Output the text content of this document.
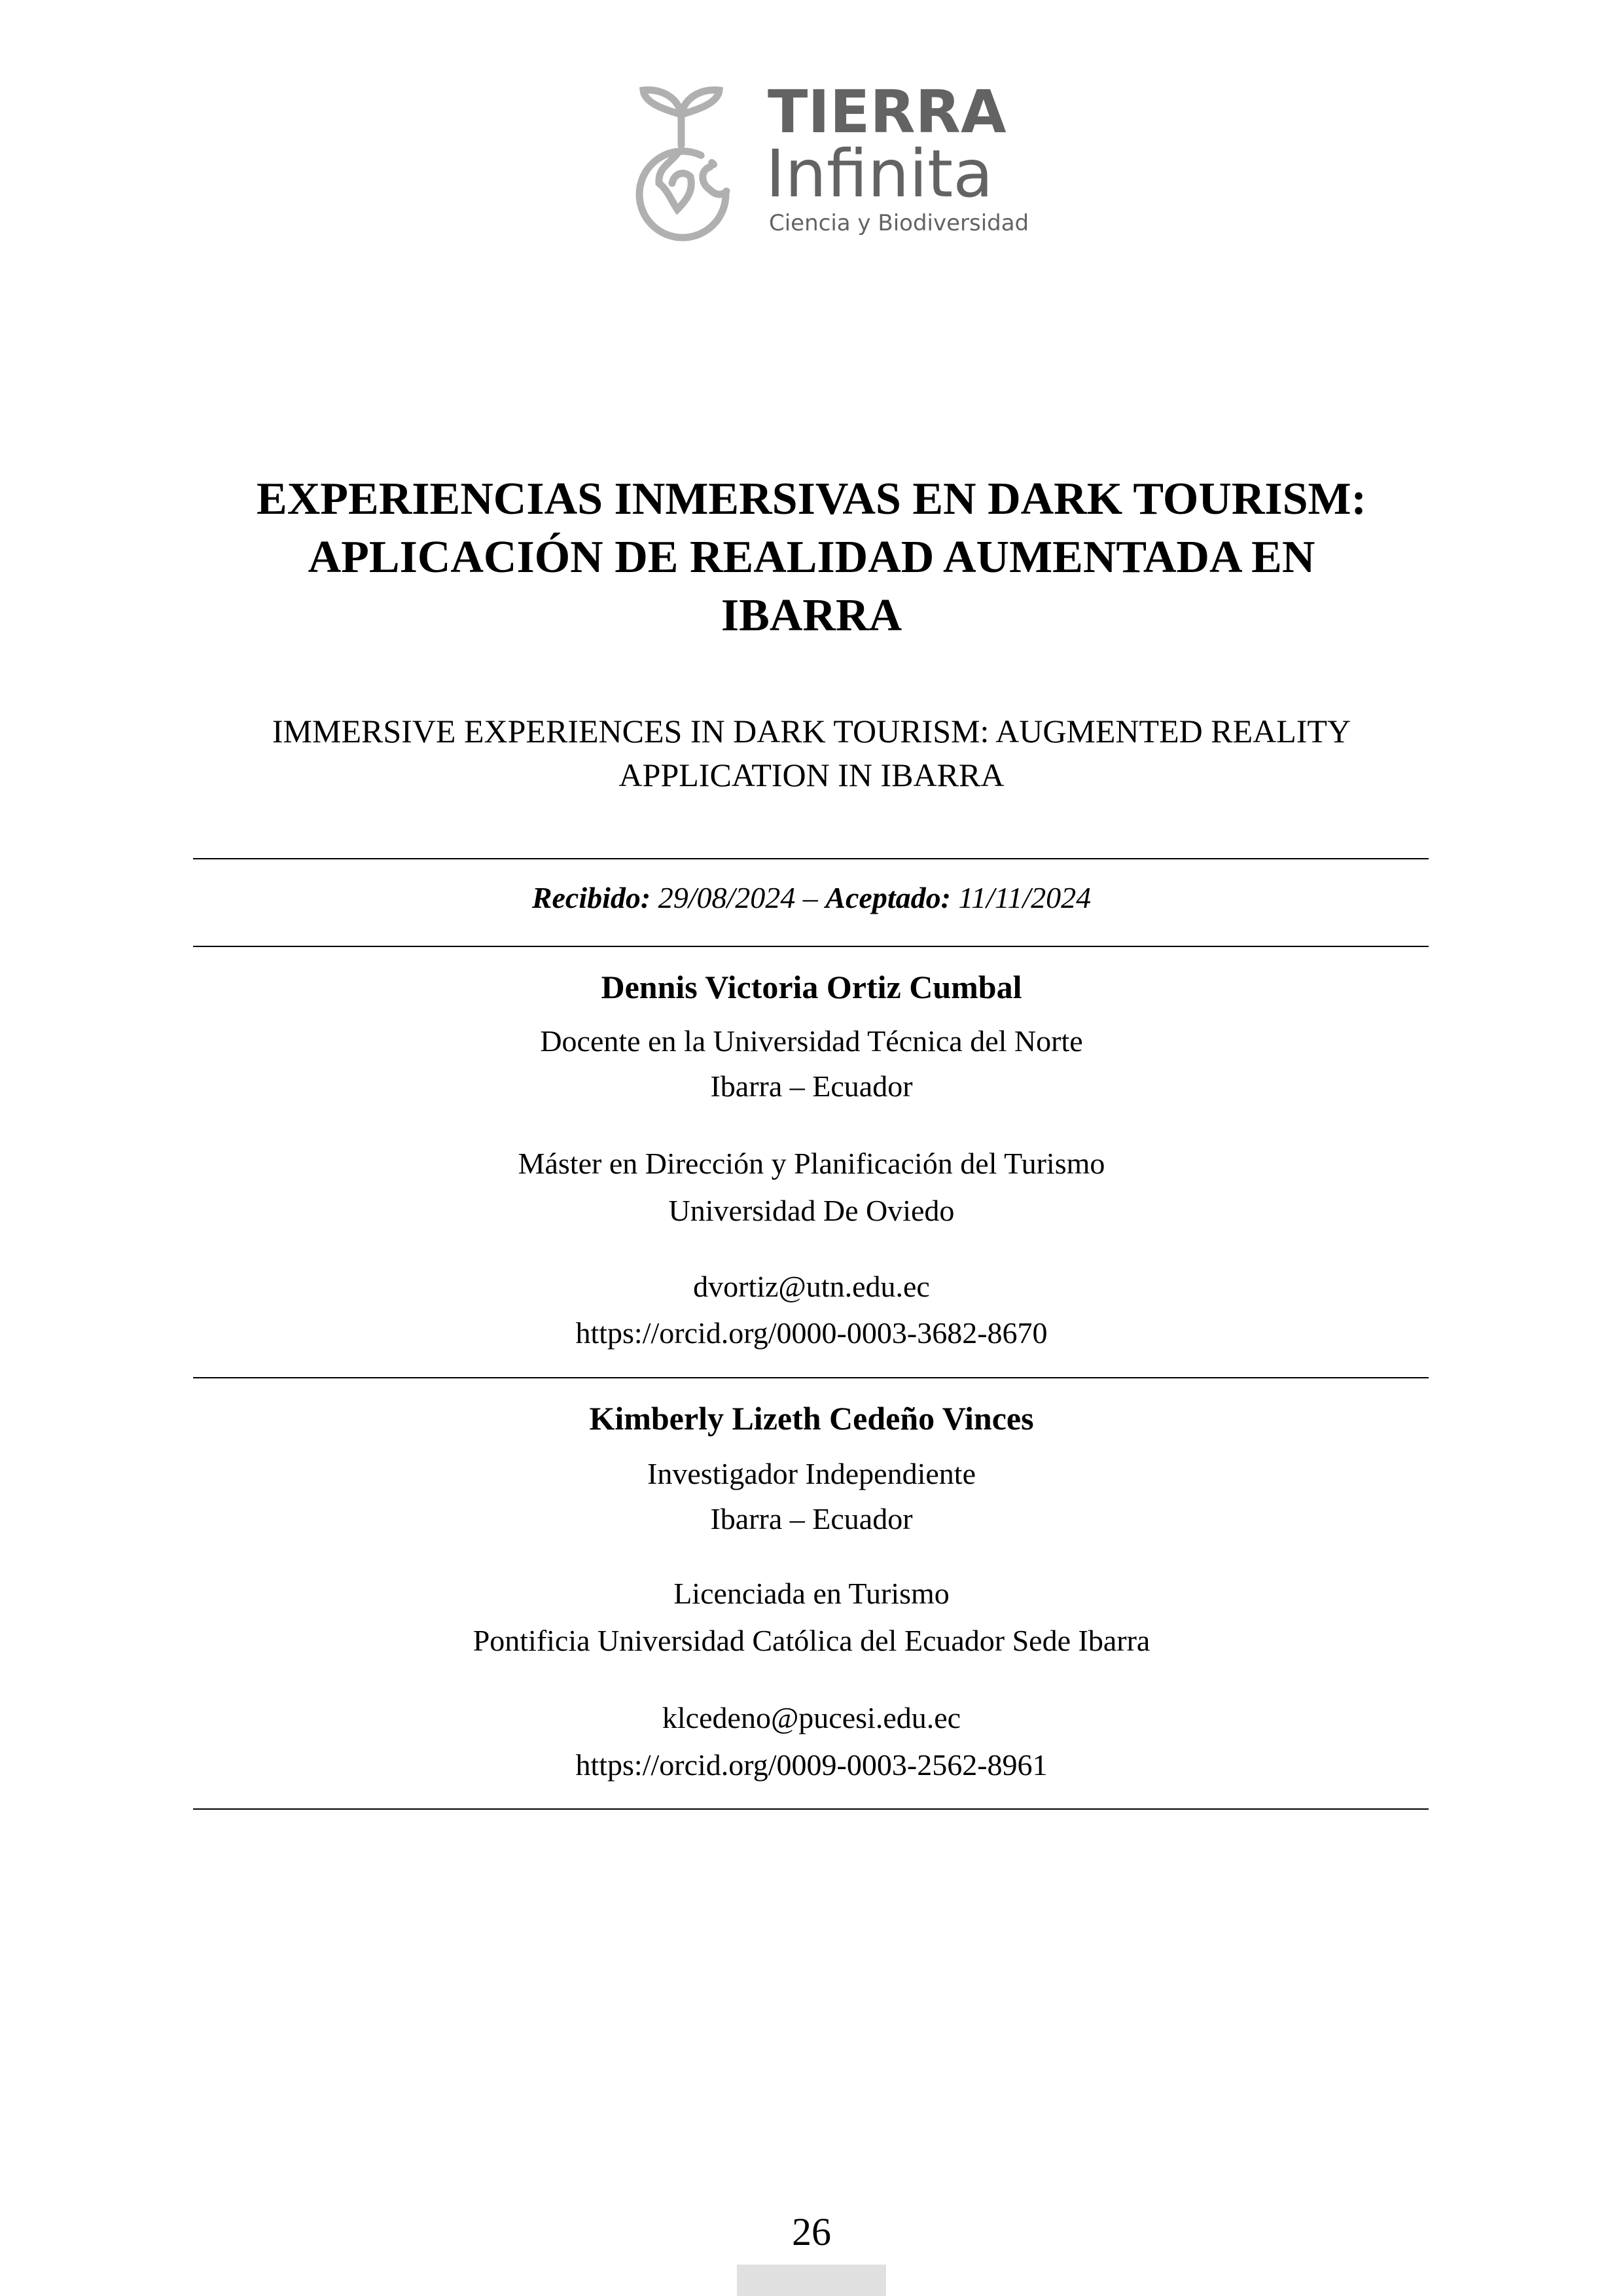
TIERRA
Infinita
Ciencia y Biodiversidad
EXPERIENCIAS INMERSIVAS EN DARK TOURISM:
APLICACIÓN DE REALIDAD AUMENTADA EN
IBARRA
IMMERSIVE EXPERIENCES IN DARK TOURISM: AUGMENTED REALITY
APPLICATION IN IBARRA
Recibido: 29/08/2024 – Aceptado: 11/11/2024
Dennis Victoria Ortiz Cumbal
Docente en la Universidad Técnica del Norte
Ibarra – Ecuador
Máster en Dirección y Planificación del Turismo
Universidad De Oviedo
dvortiz@utn.edu.ec
https://orcid.org/0000-0003-3682-8670
Kimberly Lizeth Cedeño Vinces
Investigador Independiente
Ibarra – Ecuador
Licenciada en Turismo
Pontificia Universidad Católica del Ecuador Sede Ibarra
klcedeno@pucesi.edu.ec
https://orcid.org/0009-0003-2562-8961
26
